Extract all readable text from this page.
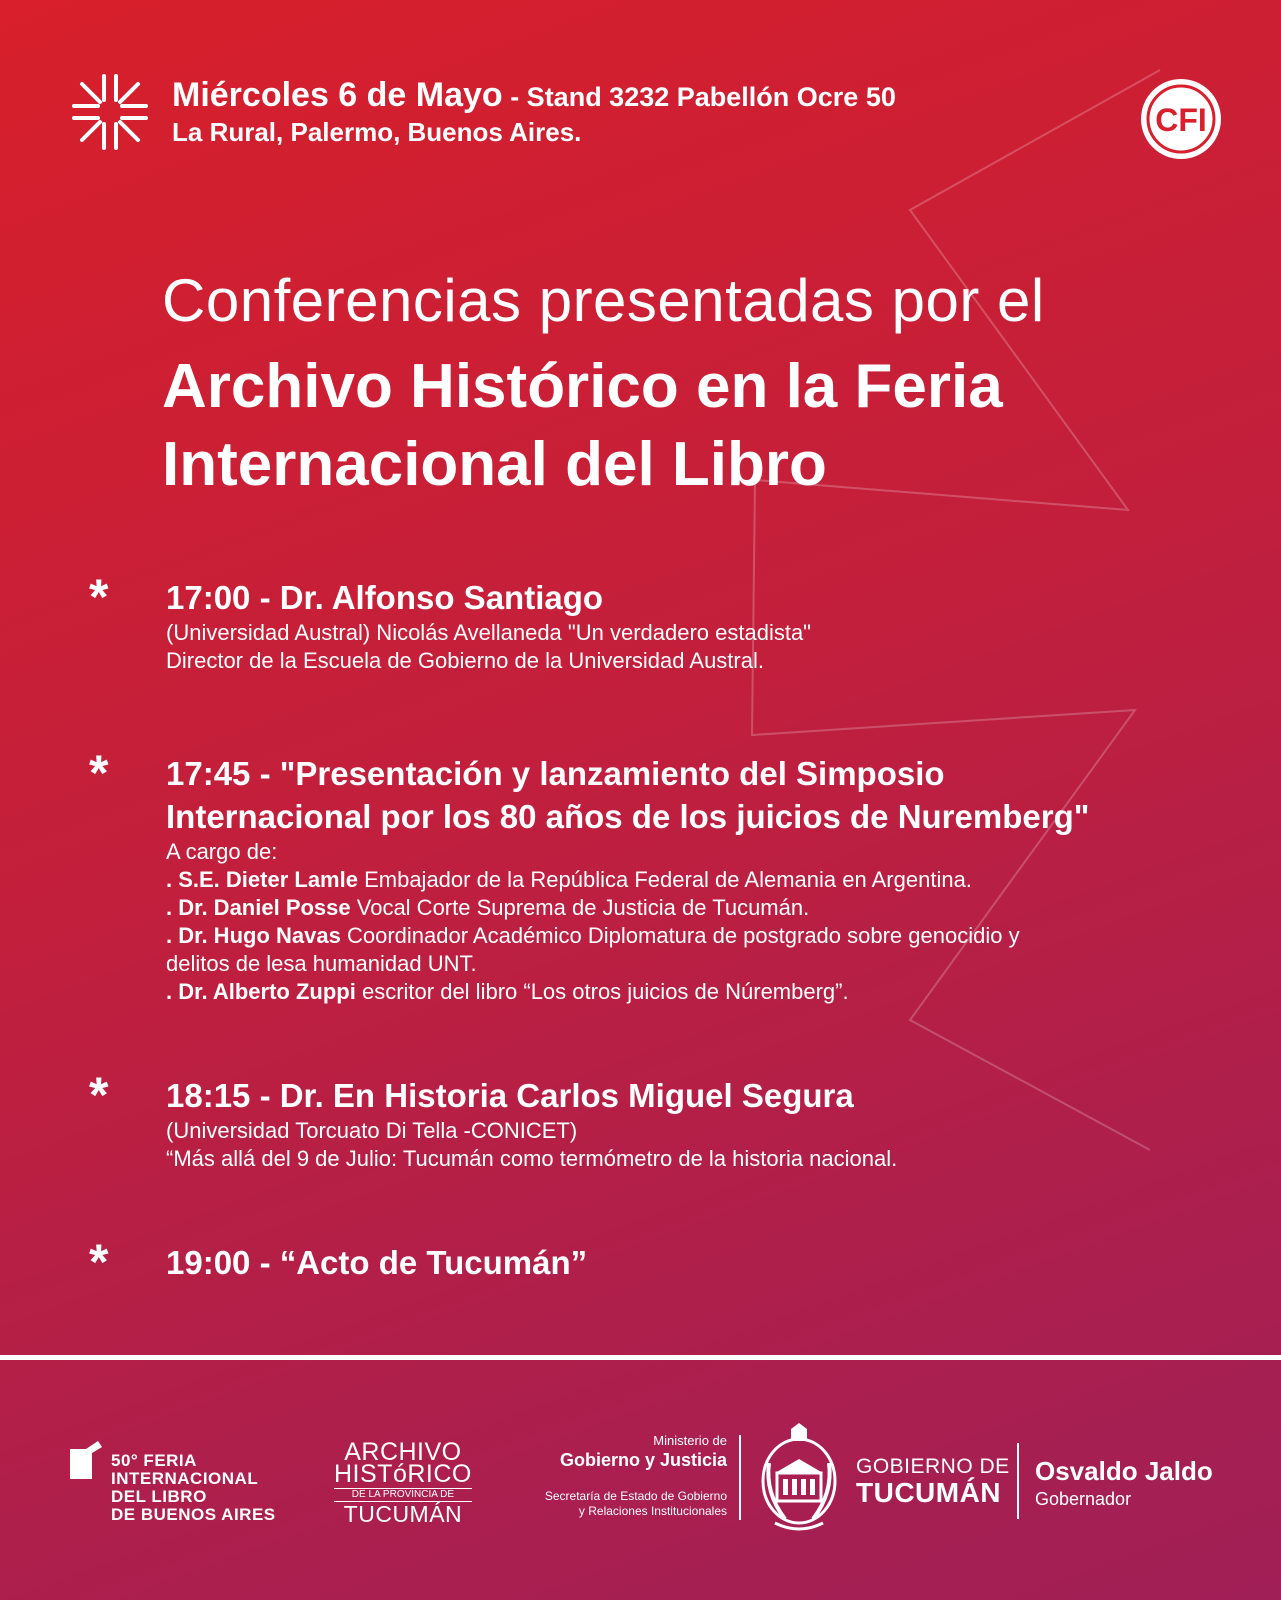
Miércoles 6 de Mayo - Stand 3232 Pabellón Ocre 50
La Rural, Palermo, Buenos Aires.	CFI
Conferencias presentadas por el
Archivo Histórico en la Feria
Internacional del Libro
* 17:00 - Dr. Alfonso Santiago
(Universidad Austral) Nicolás Avellaneda "Un verdadero estadista"
Director de la Escuela de Gobierno de la Universidad Austral.
* 17:45 - "Presentación y lanzamiento del Simposio
Internacional por los 80 años de los juicios de Nuremberg"
A cargo de:
. S.E. Dieter Lamle Embajador de la República Federal de Alemania en Argentina.
. Dr. Daniel Posse Vocal Corte Suprema de Justicia de Tucumán.
. Dr. Hugo Navas Coordinador Académico Diplomatura de postgrado sobre genocidio y
delitos de lesa humanidad UNT.
. Dr. Alberto Zuppi escritor del libro “Los otros juicios de Núremberg”.
* 18:15 - Dr. En Historia Carlos Miguel Segura
(Universidad Torcuato Di Tella -CONICET)
“Más allá del 9 de Julio: Tucumán como termómetro de la historia nacional.
* 19:00 - “Acto de Tucumán”
50° FERIA
INTERNACIONAL
DEL LIBRO
DE BUENOS AIRES
ARCHIVO
HISTóRICO
DE LA PROVINCIA DE
TUCUMÁN
Ministerio de
Gobierno y Justicia
Secretaría de Estado de Gobierno
y Relaciones Institucionales
GOBIERNO DE
TUCUMÁN
Osvaldo Jaldo
Gobernador
